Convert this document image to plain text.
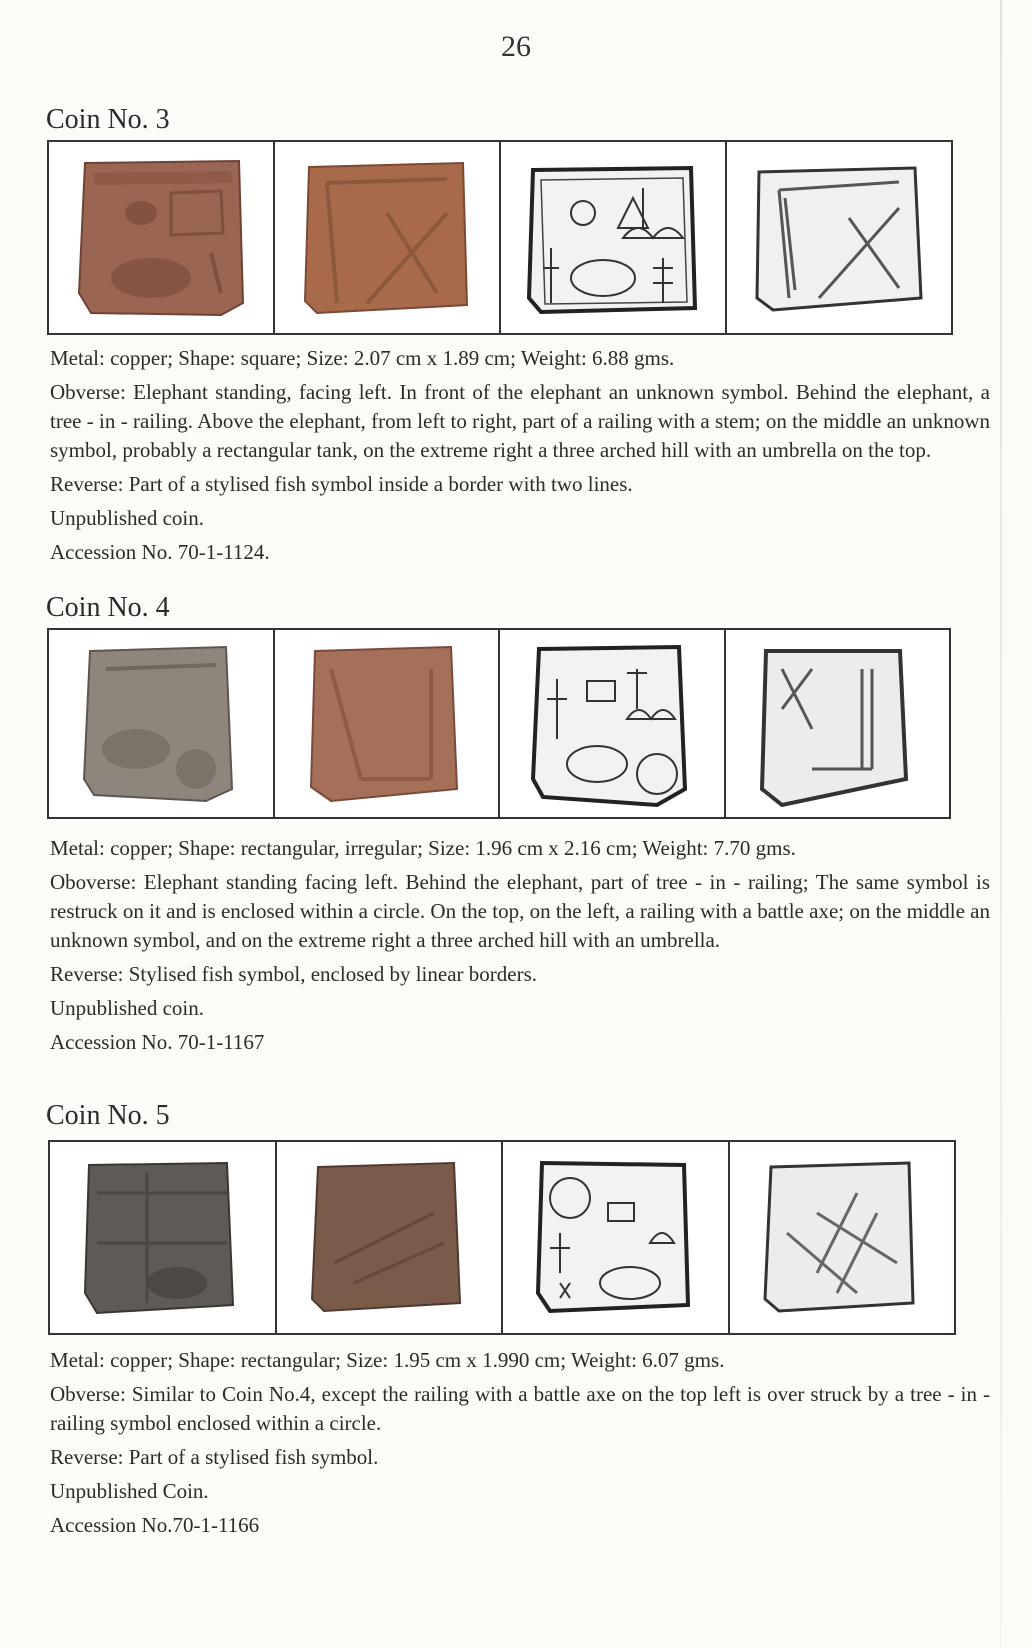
26
Coin No. 3

Metal: copper; Shape: square; Size: 2.07 cm x 1.89 cm; Weight: 6.88 gms.

Obverse: Elephant standing, facing left. In front of the elephant an unknown symbol. Behind the elephant, a tree - in - railing. Above the elephant, from left to right, part of a railing with a stem; on the middle an unknown symbol, probably a rectangular tank, on the extreme right a three arched hill with an umbrella on the top.

Reverse: Part of a stylised fish symbol inside a border with two lines.

Unpublished coin.

Accession No. 70-1-1124.

Coin No. 4

Metal: copper; Shape: rectangular, irregular; Size: 1.96 cm x 2.16 cm; Weight: 7.70 gms.

Oboverse: Elephant standing facing left. Behind the elephant, part of tree - in - railing; The same symbol is restruck on it and is enclosed within a circle. On the top, on the left, a railing with a battle axe; on the middle an unknown symbol, and on the extreme right a three arched hill with an umbrella.

Reverse: Stylised fish symbol, enclosed by linear borders.

Unpublished coin.

Accession No. 70-1-1167

Coin No. 5

Metal: copper; Shape: rectangular; Size: 1.95 cm x 1.990 cm; Weight: 6.07 gms.

Obverse: Similar to Coin No.4, except the railing with a battle axe on the top left is over struck by a tree - in - railing symbol enclosed within a circle.

Reverse: Part of a stylised fish symbol.

Unpublished Coin.

Accession No.70-1-1166
